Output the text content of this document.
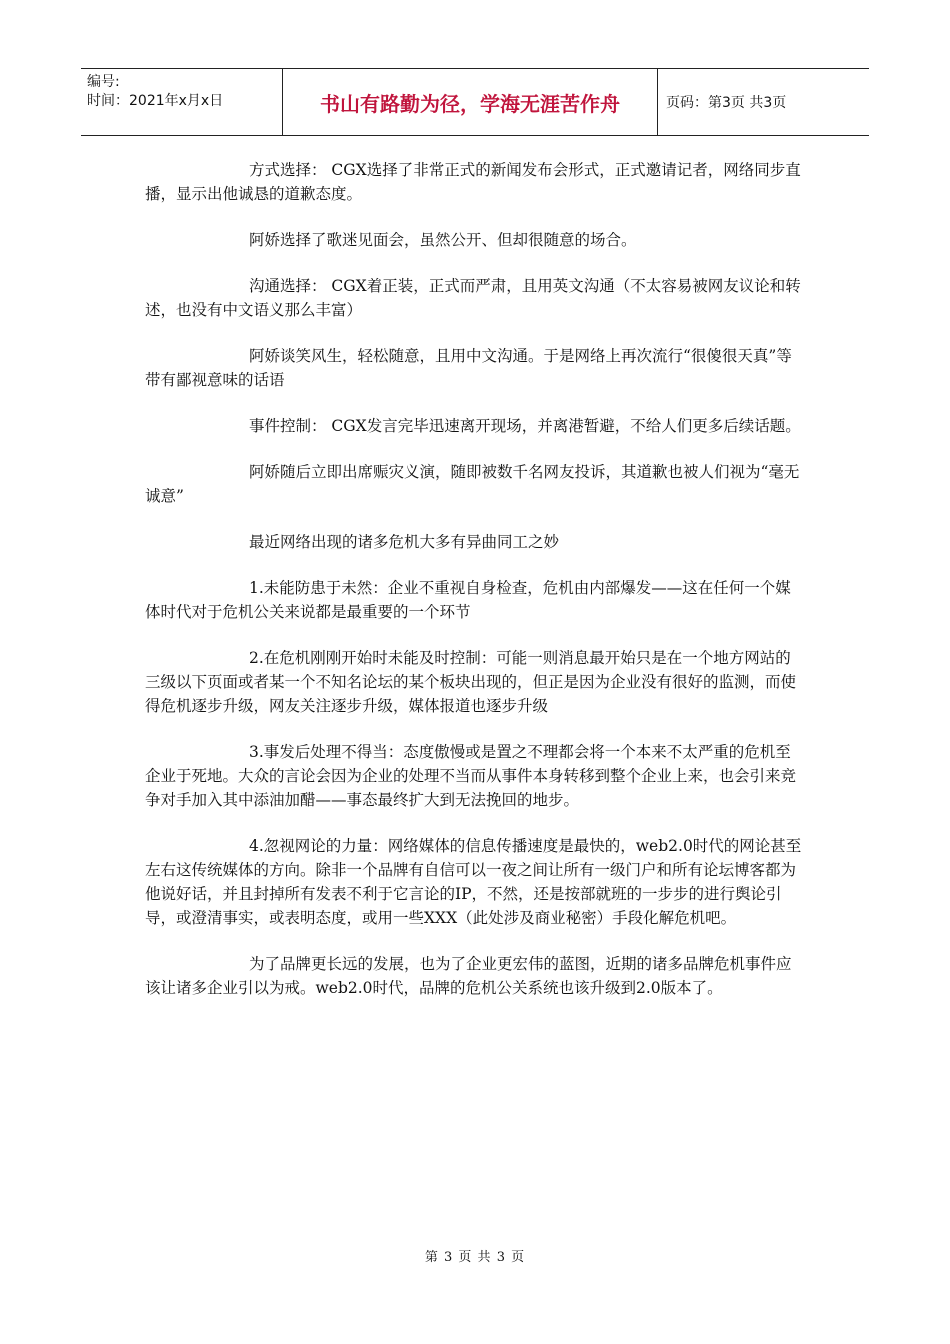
编号:
时间：2021年x月x日	书山有路勤为径，学海无涯苦作舟	页码：第3页 共3页

方式选择： CGX选择了非常正式的新闻发布会形式，正式邀请记者，网络同步直播，显示出他诚恳的道歉态度。

阿娇选择了歌迷见面会，虽然公开、但却很随意的场合。

沟通选择： CGX着正装，正式而严肃，且用英文沟通（不太容易被网友议论和转述，也没有中文语义那么丰富）

阿娇谈笑风生，轻松随意，且用中文沟通。于是网络上再次流行“很傻很天真”等带有鄙视意味的话语

事件控制： CGX发言完毕迅速离开现场，并离港暂避，不给人们更多后续话题。

阿娇随后立即出席赈灾义演，随即被数千名网友投诉，其道歉也被人们视为“毫无诚意”

最近网络出现的诸多危机大多有异曲同工之妙

1.未能防患于未然：企业不重视自身检查，危机由内部爆发——这在任何一个媒体时代对于危机公关来说都是最重要的一个环节

2.在危机刚刚开始时未能及时控制：可能一则消息最开始只是在一个地方网站的三级以下页面或者某一个不知名论坛的某个板块出现的，但正是因为企业没有很好的监测，而使得危机逐步升级，网友关注逐步升级，媒体报道也逐步升级

3.事发后处理不得当：态度傲慢或是置之不理都会将一个本来不太严重的危机至企业于死地。大众的言论会因为企业的处理不当而从事件本身转移到整个企业上来，也会引来竞争对手加入其中添油加醋——事态最终扩大到无法挽回的地步。

4.忽视网论的力量：网络媒体的信息传播速度是最快的，web2.0时代的网论甚至左右这传统媒体的方向。除非一个品牌有自信可以一夜之间让所有一级门户和所有论坛博客都为他说好话，并且封掉所有发表不利于它言论的IP，不然，还是按部就班的一步步的进行舆论引导，或澄清事实，或表明态度，或用一些XXX（此处涉及商业秘密）手段化解危机吧。

为了品牌更长远的发展，也为了企业更宏伟的蓝图，近期的诸多品牌危机事件应该让诸多企业引以为戒。web2.0时代，品牌的危机公关系统也该升级到2.0版本了。

第 3 页 共 3 页
